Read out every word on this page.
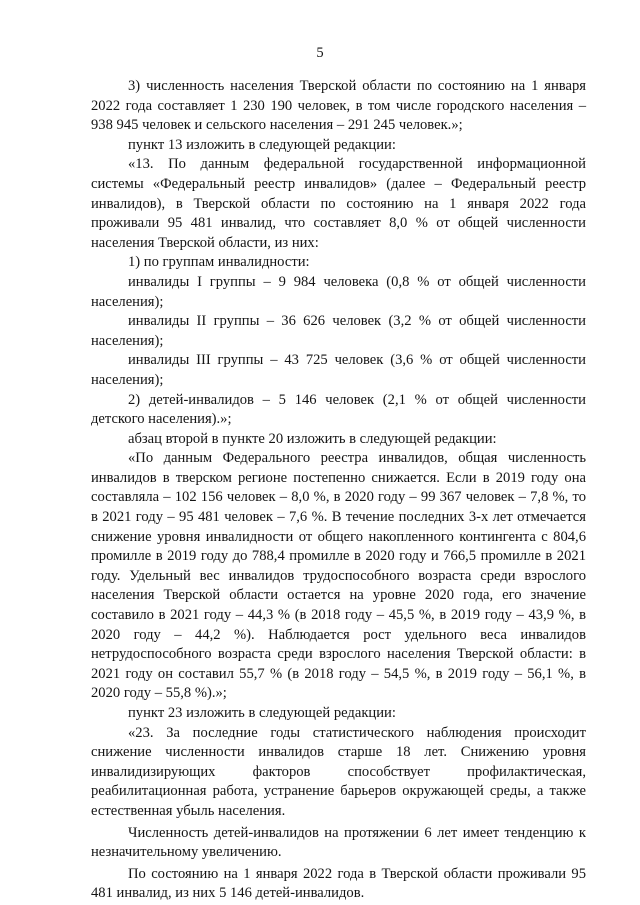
5

3) численность населения Тверской области по состоянию на 1 января 2022 года составляет 1 230 190 человек, в том числе городского населения – 938 945 человек и сельского населения – 291 245 человек.»;

пункт 13 изложить в следующей редакции:

«13. По данным федеральной государственной информационной системы «Федеральный реестр инвалидов» (далее – Федеральный реестр инвалидов), в Тверской области по состоянию на 1 января 2022 года проживали 95 481 инвалид, что составляет 8,0 % от общей численности населения Тверской области, из них:

1) по группам инвалидности:

инвалиды I группы – 9 984 человека (0,8 % от общей численности населения);

инвалиды II группы – 36 626 человек (3,2 % от общей численности населения);

инвалиды III группы – 43 725 человек (3,6 % от общей численности населения);

2) детей-инвалидов – 5 146 человек (2,1 % от общей численности детского населения).»;

абзац второй в пункте 20 изложить в следующей редакции:

«По данным Федерального реестра инвалидов, общая численность инвалидов в тверском регионе постепенно снижается. Если в 2019 году она составляла – 102 156 человек – 8,0 %, в 2020 году – 99 367 человек – 7,8 %, то в 2021 году – 95 481 человек – 7,6 %. В течение последних 3-х лет отмечается снижение уровня инвалидности от общего накопленного контингента с 804,6 промилле в 2019 году до 788,4 промилле в 2020 году и 766,5 промилле в 2021 году. Удельный вес инвалидов трудоспособного возраста среди взрослого населения Тверской области остается на уровне 2020 года, его значение составило в 2021 году – 44,3 % (в 2018 году – 45,5 %, в 2019 году – 43,9 %, в 2020 году – 44,2 %). Наблюдается рост удельного веса инвалидов нетрудоспособного возраста среди взрослого населения Тверской области: в 2021 году он составил 55,7 % (в 2018 году – 54,5 %, в 2019 году – 56,1 %, в 2020 году – 55,8 %).»;

пункт 23 изложить в следующей редакции:

«23. За последние годы статистического наблюдения происходит снижение численности инвалидов старше 18 лет. Снижению уровня инвалидизирующих факторов способствует профилактическая, реабилитационная работа, устранение барьеров окружающей среды, а также естественная убыль населения.

Численность детей-инвалидов на протяжении 6 лет имеет тенденцию к незначительному увеличению.

По состоянию на 1 января 2022 года в Тверской области проживали 95 481 инвалид, из них 5 146 детей-инвалидов.
